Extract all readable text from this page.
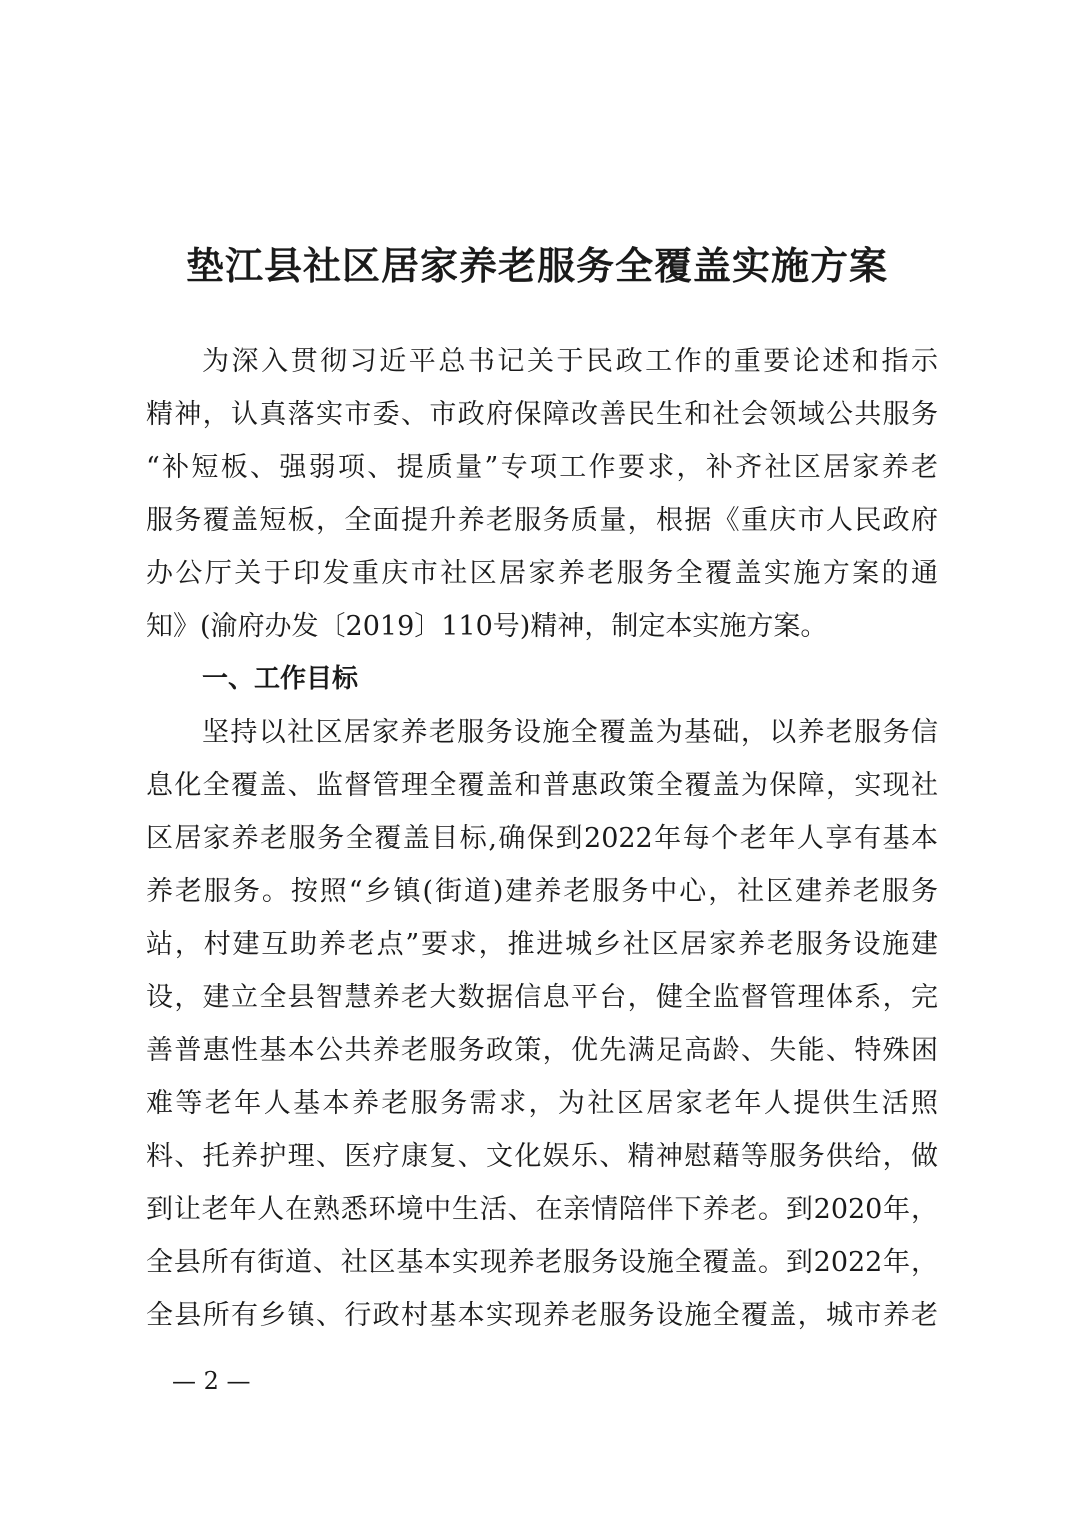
垫江县社区居家养老服务全覆盖实施方案
为深入贯彻习近平总书记关于民政工作的重要论述和指示
精神，认真落实市委、市政府保障改善民生和社会领域公共服务
“补短板、强弱项、提质量”专项工作要求，补齐社区居家养老
服务覆盖短板，全面提升养老服务质量，根据《重庆市人民政府
办公厅关于印发重庆市社区居家养老服务全覆盖实施方案的通
知》(渝府办发〔2019〕110号)精神，制定本实施方案。
一、工作目标
坚持以社区居家养老服务设施全覆盖为基础，以养老服务信
息化全覆盖、监督管理全覆盖和普惠政策全覆盖为保障，实现社
区居家养老服务全覆盖目标,确保到2022年每个老年人享有基本
养老服务。按照“乡镇(街道)建养老服务中心，社区建养老服务
站，村建互助养老点”要求，推进城乡社区居家养老服务设施建
设，建立全县智慧养老大数据信息平台，健全监督管理体系，完
善普惠性基本公共养老服务政策，优先满足高龄、失能、特殊困
难等老年人基本养老服务需求，为社区居家老年人提供生活照
料、托养护理、医疗康复、文化娱乐、精神慰藉等服务供给，做
到让老年人在熟悉环境中生活、在亲情陪伴下养老。到2020年，
全县所有街道、社区基本实现养老服务设施全覆盖。到2022年，
全县所有乡镇、行政村基本实现养老服务设施全覆盖，城市养老
— 2 —
